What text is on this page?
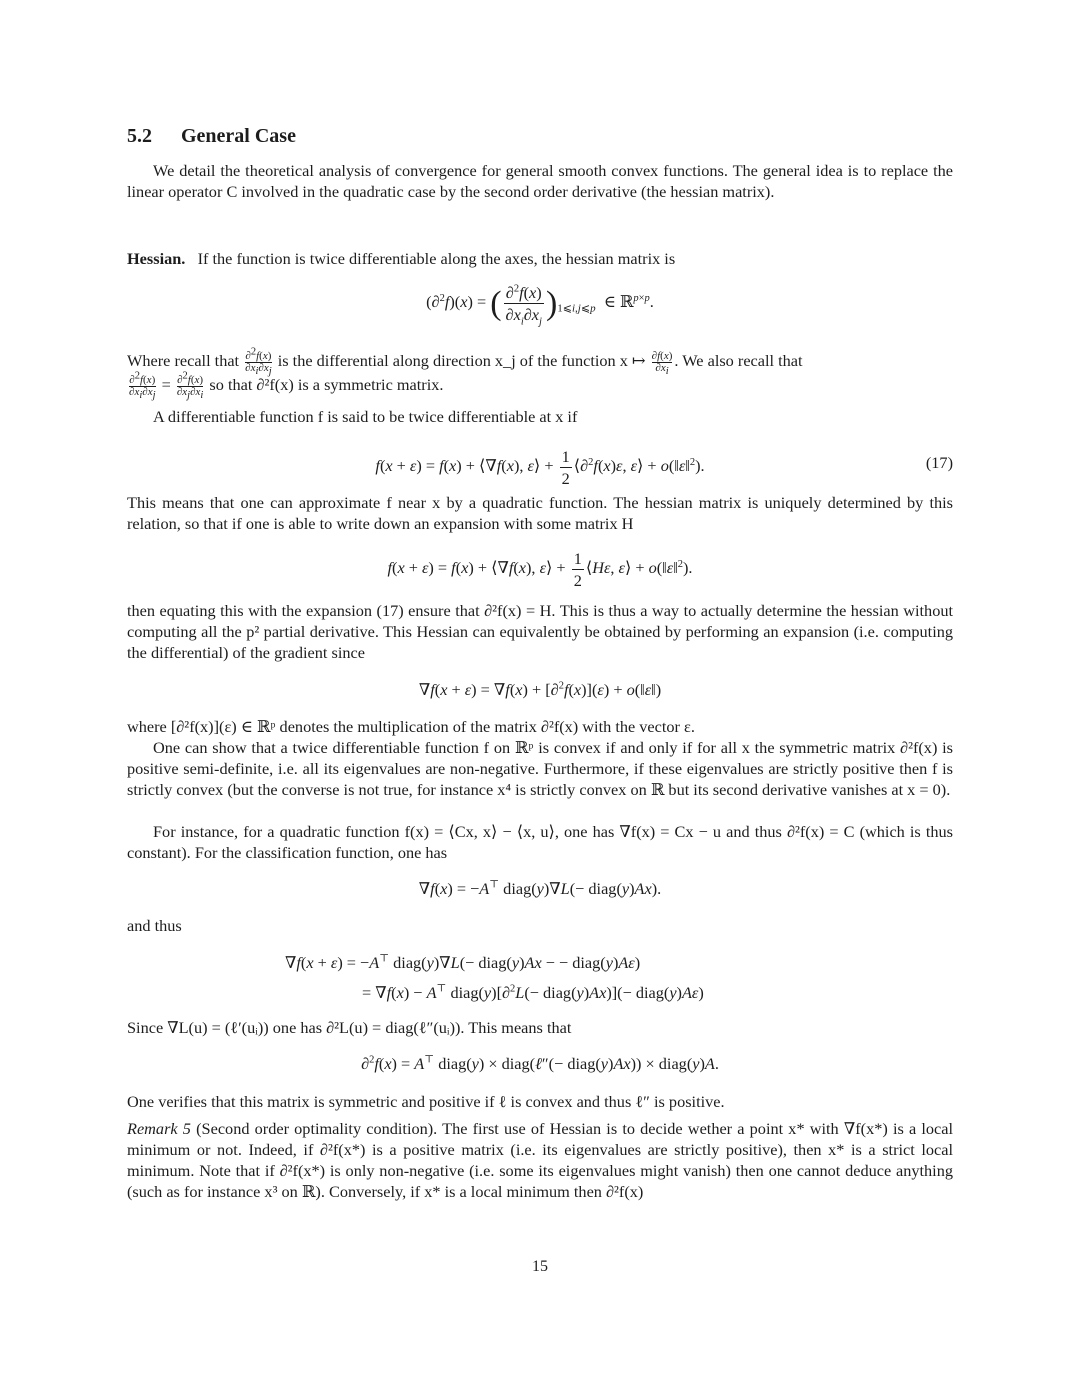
5.2 General Case
We detail the theoretical analysis of convergence for general smooth convex functions. The general idea is to replace the linear operator C involved in the quadratic case by the second order derivative (the hessian matrix).
Hessian. If the function is twice differentiable along the axes, the hessian matrix is
(∂$^2$f)(x) = ( $\frac{\partial^2f(x)}{\partial x_i\partial x_j} )_{1⩽i,j⩽p}$  ∈ ℝ$^{p\times p}$.
Where recall that $\frac{\partial^2f(x)}{\partial x_i\partial x_j}$ is the differential along direction x_j of the function x ↦ $\frac{\partial f(x)}{\partial x_i}$ . We also recall that

$\frac{\partial^2f(x)}{\partial x_i\partial x_j} = \frac{\partial^2f(x)}{\partial x_j\partial x_i}$ so that ∂²f(x) is a symmetric matrix.
A differentiable function f is said to be twice differentiable at x if
f(x + ε) = f(x) + ⟨∇f(x), ε⟩ + $\frac{1}{2}$ ⟨∂$^2$f(x)ε, ε⟩ + o(‖ε‖$^2$).	(17)
This means that one can approximate f near x by a quadratic function. The hessian matrix is uniquely determined by this relation, so that if one is able to write down an expansion with some matrix H
f(x + ε) = f(x) + ⟨∇f(x), ε⟩ + $\frac{1}{2}$ ⟨Hε, ε⟩ + o(‖ε‖$^2$).
then equating this with the expansion (17) ensure that ∂²f(x) = H. This is thus a way to actually determine the hessian without computing all the p² partial derivative. This Hessian can equivalently be obtained by performing an expansion (i.e. computing the differential) of the gradient since
∇f(x + ε) = ∇f(x) + [∂$^2$f(x)](ε) + o(‖ε‖)
where [∂²f(x)](ε) ∈ ℝᵖ denotes the multiplication of the matrix ∂²f(x) with the vector ε.
One can show that a twice differentiable function f on ℝᵖ is convex if and only if for all x the symmetric matrix ∂²f(x) is positive semi-definite, i.e. all its eigenvalues are non-negative. Furthermore, if these eigenvalues are strictly positive then f is strictly convex (but the converse is not true, for instance x⁴ is strictly convex on ℝ but its second derivative vanishes at x = 0).
For instance, for a quadratic function f(x) = ⟨Cx, x⟩ − ⟨x, u⟩, one has ∇f(x) = Cx − u and thus ∂²f(x) = C (which is thus constant). For the classification function, one has
∇f(x) = −A⊤ diag(y)∇L(− diag(y)Ax).
and thus
∇f(x + ε) = −A⊤ diag(y)∇L(− diag(y)Ax − − diag(y)Aε)
= ∇f(x) − A⊤ diag(y)[∂$^2$L(− diag(y)Ax)](− diag(y)Aε)
Since ∇L(u) = (ℓ′(uᵢ)) one has ∂²L(u) = diag(ℓ″(uᵢ)). This means that
∂$^2$f(x) = A⊤ diag(y) × diag(ℓ″(− diag(y)Ax)) × diag(y)A.
One verifies that this matrix is symmetric and positive if ℓ is convex and thus ℓ″ is positive.
Remark 5 (Second order optimality condition). The first use of Hessian is to decide wether a point x* with ∇f(x*) is a local minimum or not. Indeed, if ∂²f(x*) is a positive matrix (i.e. its eigenvalues are strictly positive), then x* is a strict local minimum. Note that if ∂²f(x*) is only non-negative (i.e. some its eigenvalues might vanish) then one cannot deduce anything (such as for instance x³ on ℝ). Conversely, if x* is a local minimum then ∂²f(x)
15
